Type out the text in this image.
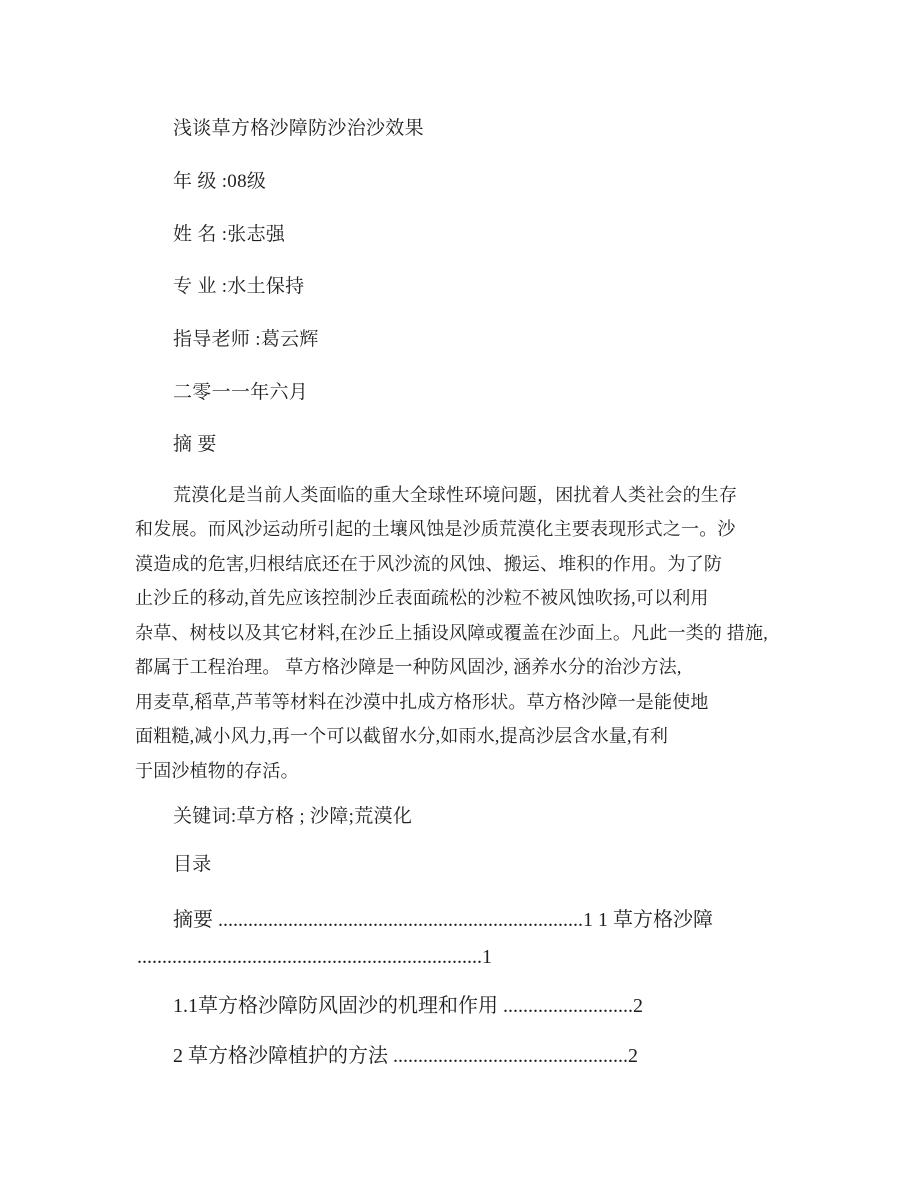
浅谈草方格沙障防沙治沙效果
年 级 :08级
姓 名 :张志强
专 业 :水土保持
指导老师 :葛云辉
二零一一年六月
摘 要
荒漠化是当前人类面临的重大全球性环境问题，困扰着人类社会的生存
和发展。而风沙运动所引起的土壤风蚀是沙质荒漠化主要表现形式之一。沙
漠造成的危害,归根结底还在于风沙流的风蚀、搬运、堆积的作用。为了防
止沙丘的移动,首先应该控制沙丘表面疏松的沙粒不被风蚀吹扬,可以利用
杂草、树枝以及其它材料,在沙丘上插设风障或覆盖在沙面上。凡此一类的 措施,
都属于工程治理。 草方格沙障是一种防风固沙, 涵养水分的治沙方法,
用麦草,稻草,芦苇等材料在沙漠中扎成方格形状。草方格沙障一是能使地
面粗糙,减小风力,再一个可以截留水分,如雨水,提高沙层含水量,有利
于固沙植物的存活。
关键词:草方格 ; 沙障;荒漠化
目录
摘要 .........................................................................1 1 草方格沙障
.....................................................................1
1.1草方格沙障防风固沙的机理和作用 ..........................2
2 草方格沙障植护的方法 ...............................................2
